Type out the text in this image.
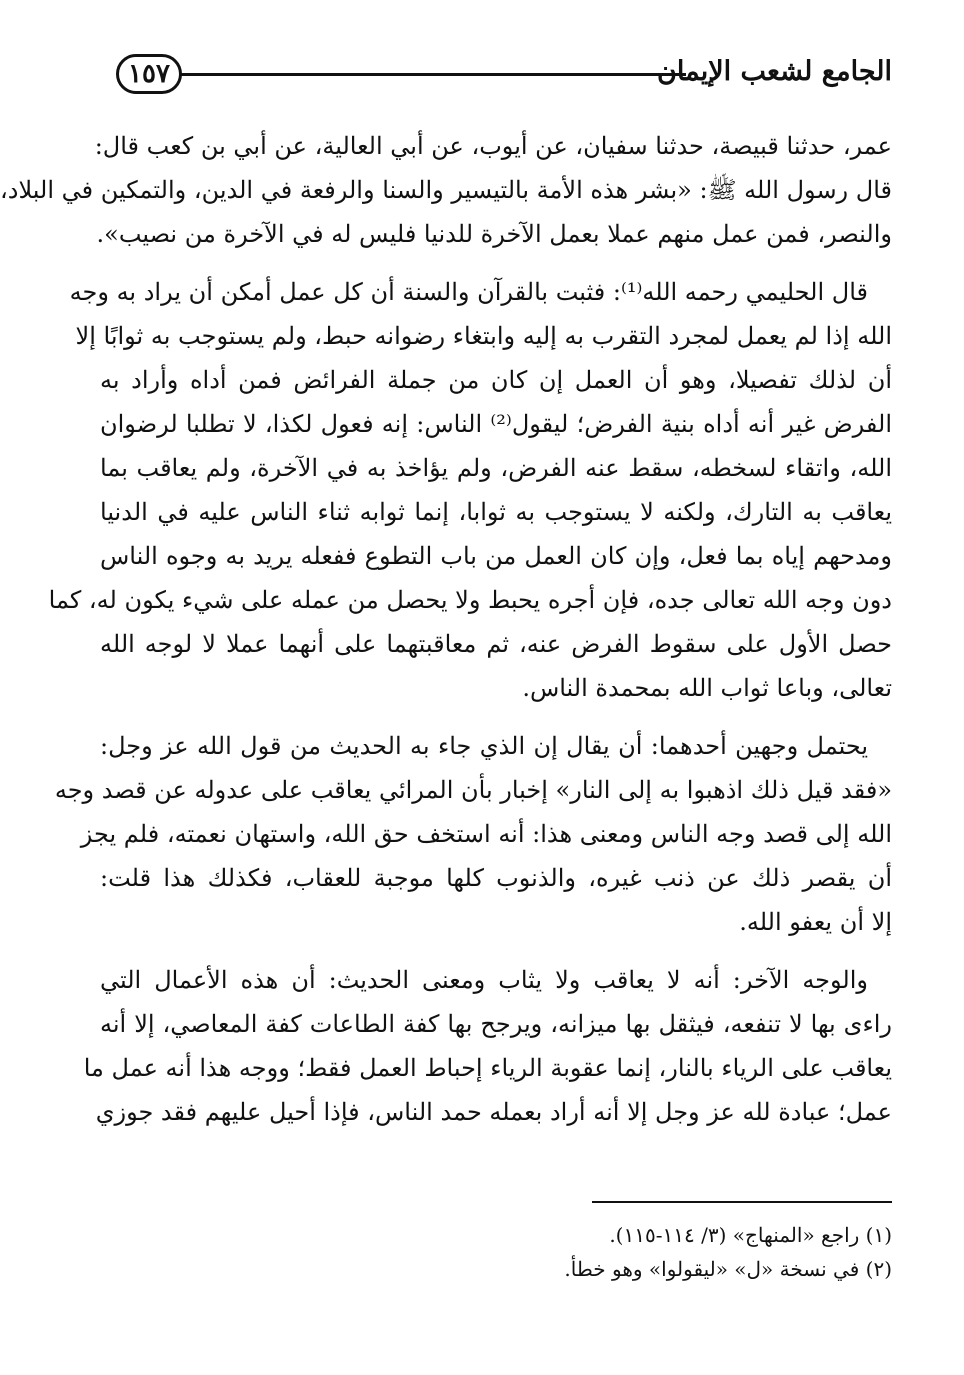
الجامع لشعب الإيمان
١٥٧

عمر، حدثنا قبيصة، حدثنا سفيان، عن أيوب، عن أبي العالية، عن أبي بن كعب قال:
قال رسول الله ﷺ: «بشر هذه الأمة بالتيسير والسنا والرفعة في الدين، والتمكين في البلاد،
والنصر، فمن عمل منهم عملا بعمل الآخرة للدنيا فليس له في الآخرة من نصيب».

قال الحليمي رحمه الله⁽¹⁾: فثبت بالقرآن والسنة أن كل عمل أمكن أن يراد به وجه
الله إذا لم يعمل لمجرد التقرب به إليه وابتغاء رضوانه حبط، ولم يستوجب به ثوابًا إلا
أن لذلك تفصيلا، وهو أن العمل إن كان من جملة الفرائض فمن أداه وأراد به
الفرض غير أنه أداه بنية الفرض؛ ليقول⁽²⁾ الناس: إنه فعول لكذا، لا تطلبا لرضوان
الله، واتقاء لسخطه، سقط عنه الفرض، ولم يؤاخذ به في الآخرة، ولم يعاقب بما
يعاقب به التارك، ولكنه لا يستوجب به ثوابا، إنما ثوابه ثناء الناس عليه في الدنيا
ومدحهم إياه بما فعل، وإن كان العمل من باب التطوع ففعله يريد به وجوه الناس
دون وجه الله تعالى جده، فإن أجره يحبط ولا يحصل من عمله على شيء يكون له، كما
حصل الأول على سقوط الفرض عنه، ثم معاقبتهما على أنهما عملا لا لوجه الله
تعالى، وباعا ثواب الله بمحمدة الناس.

يحتمل وجهين أحدهما: أن يقال إن الذي جاء به الحديث من قول الله عز وجل:
«فقد قيل ذلك اذهبوا به إلى النار» إخبار بأن المرائي يعاقب على عدوله عن قصد وجه
الله إلى قصد وجه الناس ومعنى هذا: أنه استخف حق الله، واستهان نعمته، فلم يجز
أن يقصر ذلك عن ذنب غيره، والذنوب كلها موجبة للعقاب، فكذلك هذا قلت:
إلا أن يعفو الله.

والوجه الآخر: أنه لا يعاقب ولا يثاب ومعنى الحديث: أن هذه الأعمال التي
راءى بها لا تنفعه، فيثقل بها ميزانه، ويرجح بها كفة الطاعات كفة المعاصي، إلا أنه
يعاقب على الرياء بالنار، إنما عقوبة الرياء إحباط العمل فقط؛ ووجه هذا أنه عمل ما
عمل؛ عبادة لله عز وجل إلا أنه أراد بعمله حمد الناس، فإذا أحيل عليهم فقد جوزي

(١) راجع «المنهاج» (٣/ ١١٤-١١٥).
(٢) في نسخة «ل» «ليقولوا» وهو خطأ.
